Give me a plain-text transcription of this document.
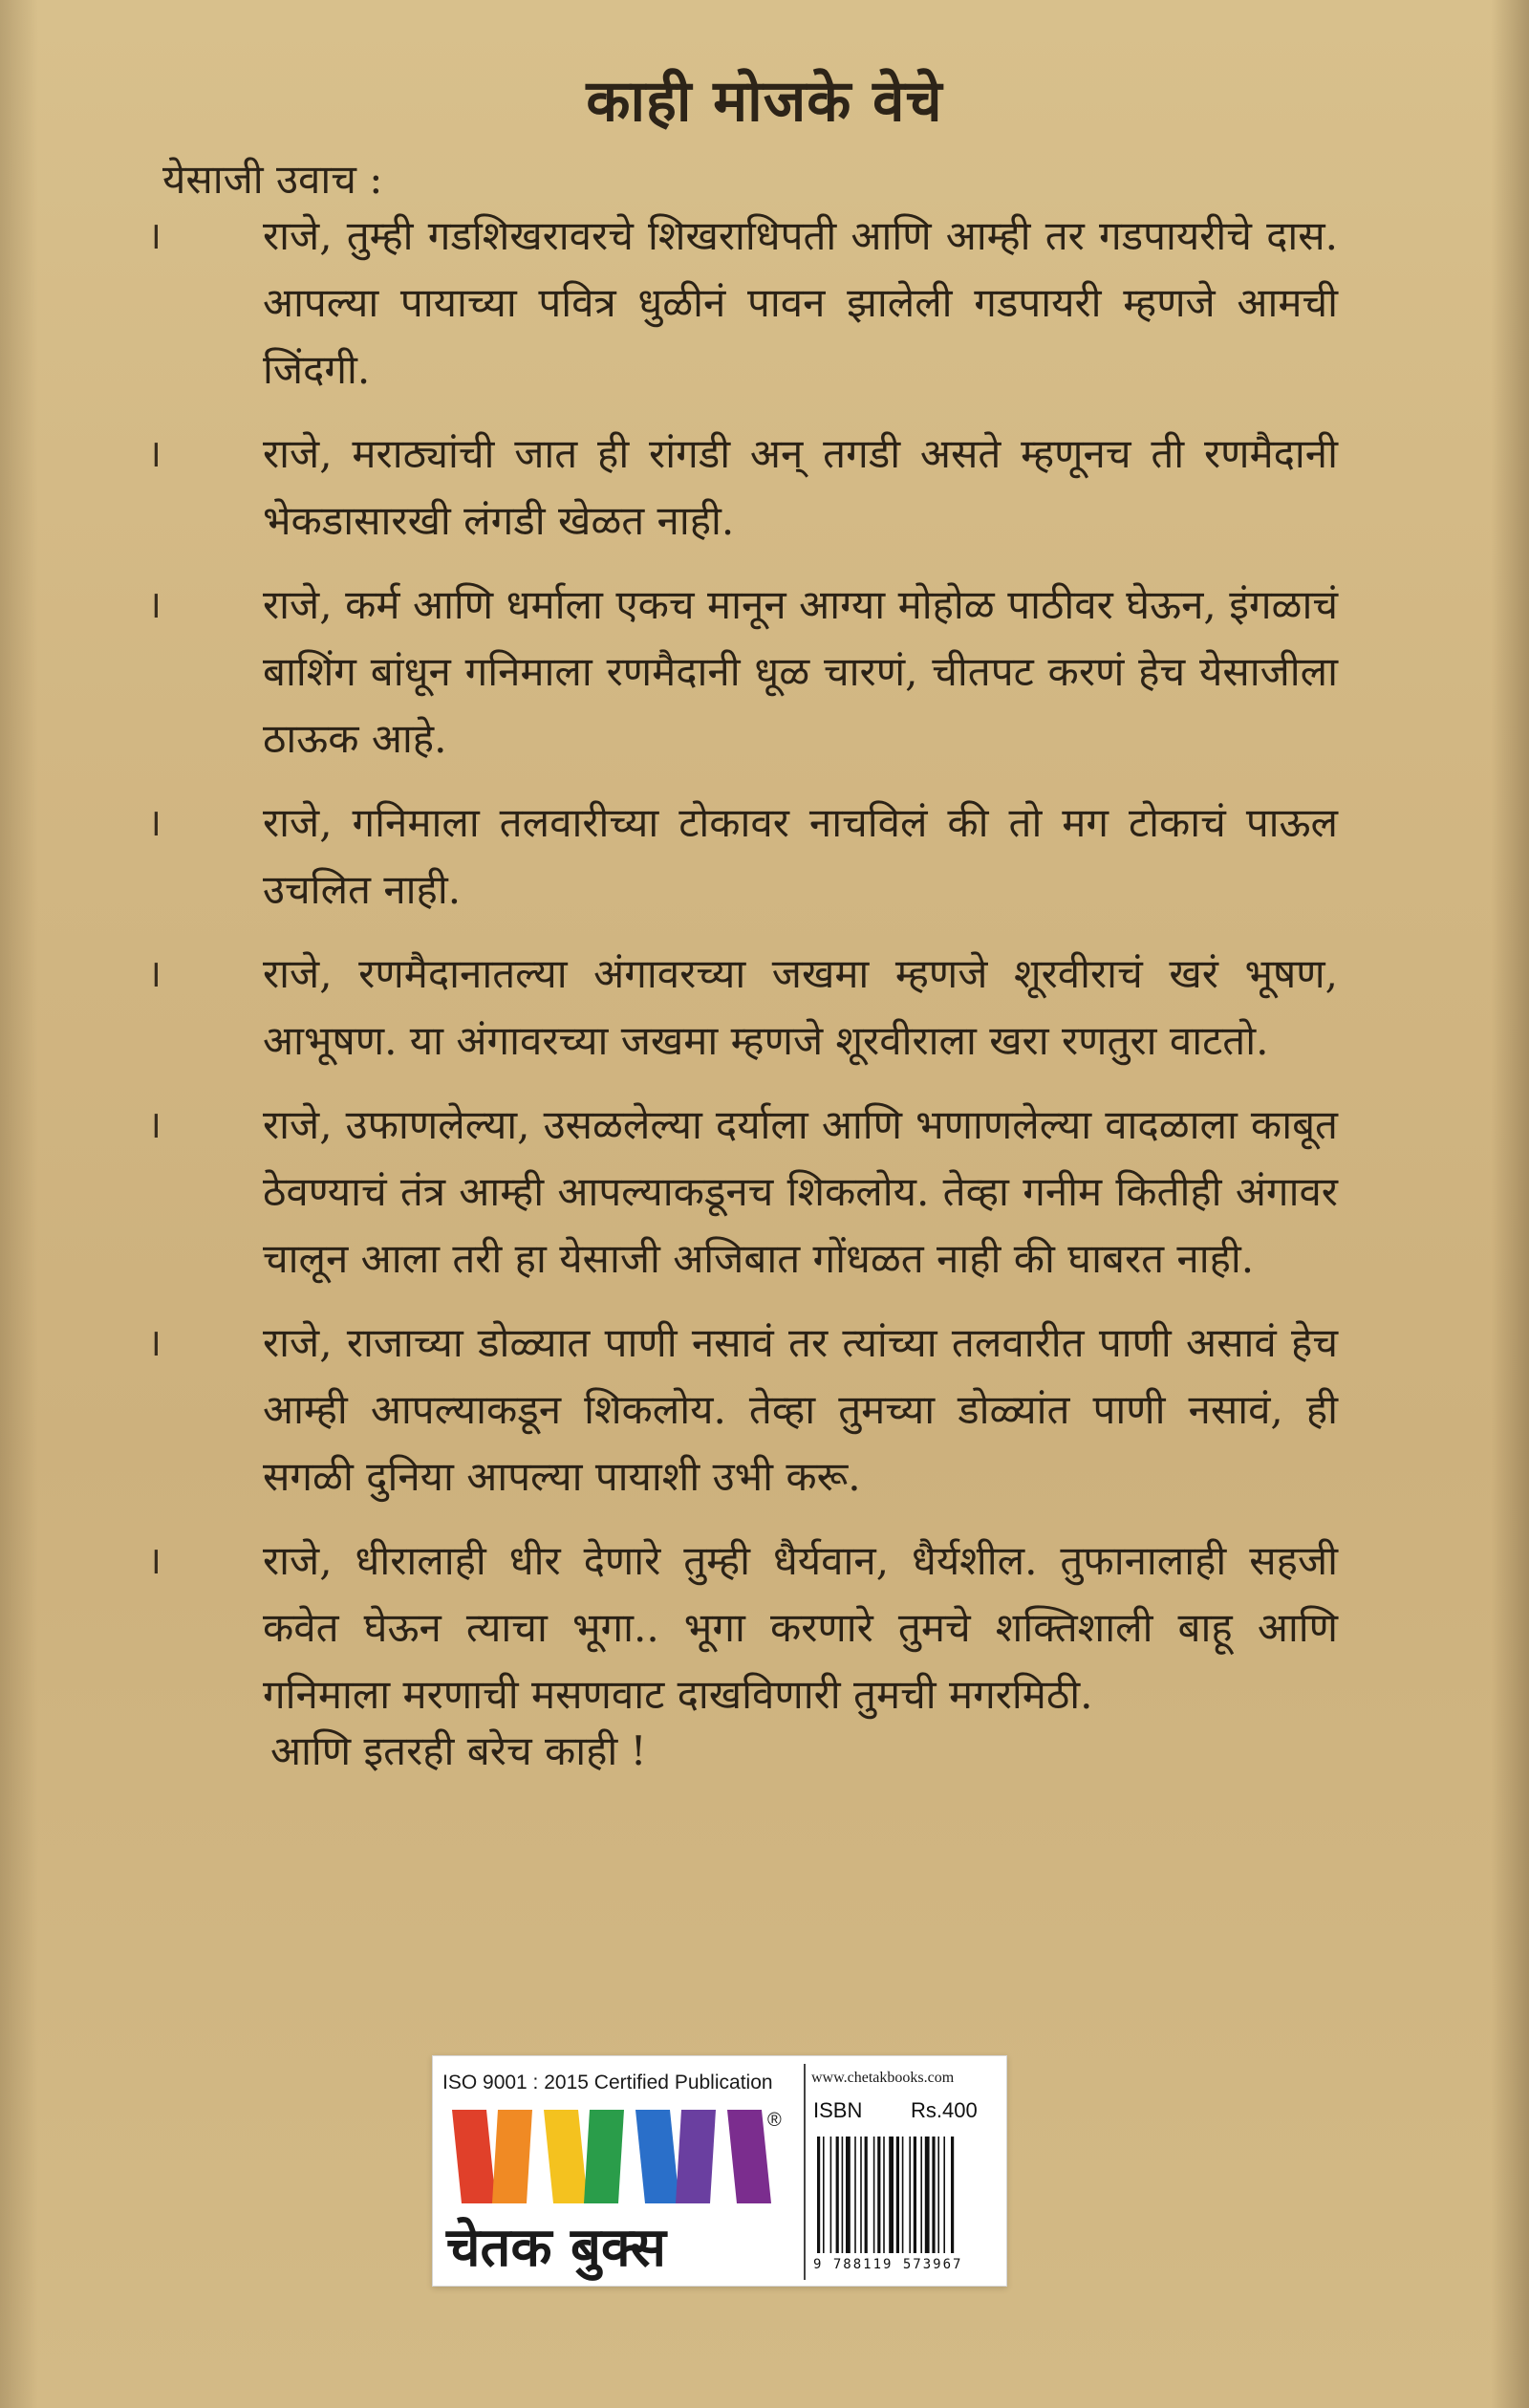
काही मोजके वेचे
येसाजी उवाच :
।	राजे, तुम्ही गडशिखरावरचे शिखराधिपती आणि आम्ही तर गडपायरीचे दास. आपल्या पायाच्या पवित्र धुळीनं पावन झालेली गडपायरी म्हणजे आमची जिंदगी.
।	राजे, मराठ्यांची जात ही रांगडी अन् तगडी असते म्हणूनच ती रणमैदानी भेकडासारखी लंगडी खेळत नाही.
।	राजे, कर्म आणि धर्माला एकच मानून आग्या मोहोळ पाठीवर घेऊन, इंगळाचं बाशिंग बांधून गनिमाला रणमैदानी धूळ चारणं, चीतपट करणं हेच येसाजीला ठाऊक आहे.
।	राजे, गनिमाला तलवारीच्या टोकावर नाचविलं की तो मग टोकाचं पाऊल उचलित नाही.
।	राजे, रणमैदानातल्या अंगावरच्या जखमा म्हणजे शूरवीराचं खरं भूषण, आभूषण. या अंगावरच्या जखमा म्हणजे शूरवीराला खरा रणतुरा वाटतो.
।	राजे, उफाणलेल्या, उसळलेल्या दर्याला आणि भणाणलेल्या वादळाला काबूत ठेवण्याचं तंत्र आम्ही आपल्याकडूनच शिकलोय. तेव्हा गनीम कितीही अंगावर चालून आला तरी हा येसाजी अजिबात गोंधळत नाही की घाबरत नाही.
।	राजे, राजाच्या डोळ्यात पाणी नसावं तर त्यांच्या तलवारीत पाणी असावं हेच आम्ही आपल्याकडून शिकलोय. तेव्हा तुमच्या डोळ्यांत पाणी नसावं, ही सगळी दुनिया आपल्या पायाशी उभी करू.
।	राजे, धीरालाही धीर देणारे तुम्ही धैर्यवान, धैर्यशील. तुफानालाही सहजी कवेत घेऊन त्याचा भूगा.. भूगा करणारे तुमचे शक्तिशाली बाहू आणि गनिमाला मरणाची मसणवाट दाखविणारी तुमची मगरमिठी.
आणि इतरही बरेच काही !
ISO 9001 : 2015 Certified Publication
®
चेतक बुक्स
www.chetakbooks.com
ISBN Rs.400
9 788119 573967
